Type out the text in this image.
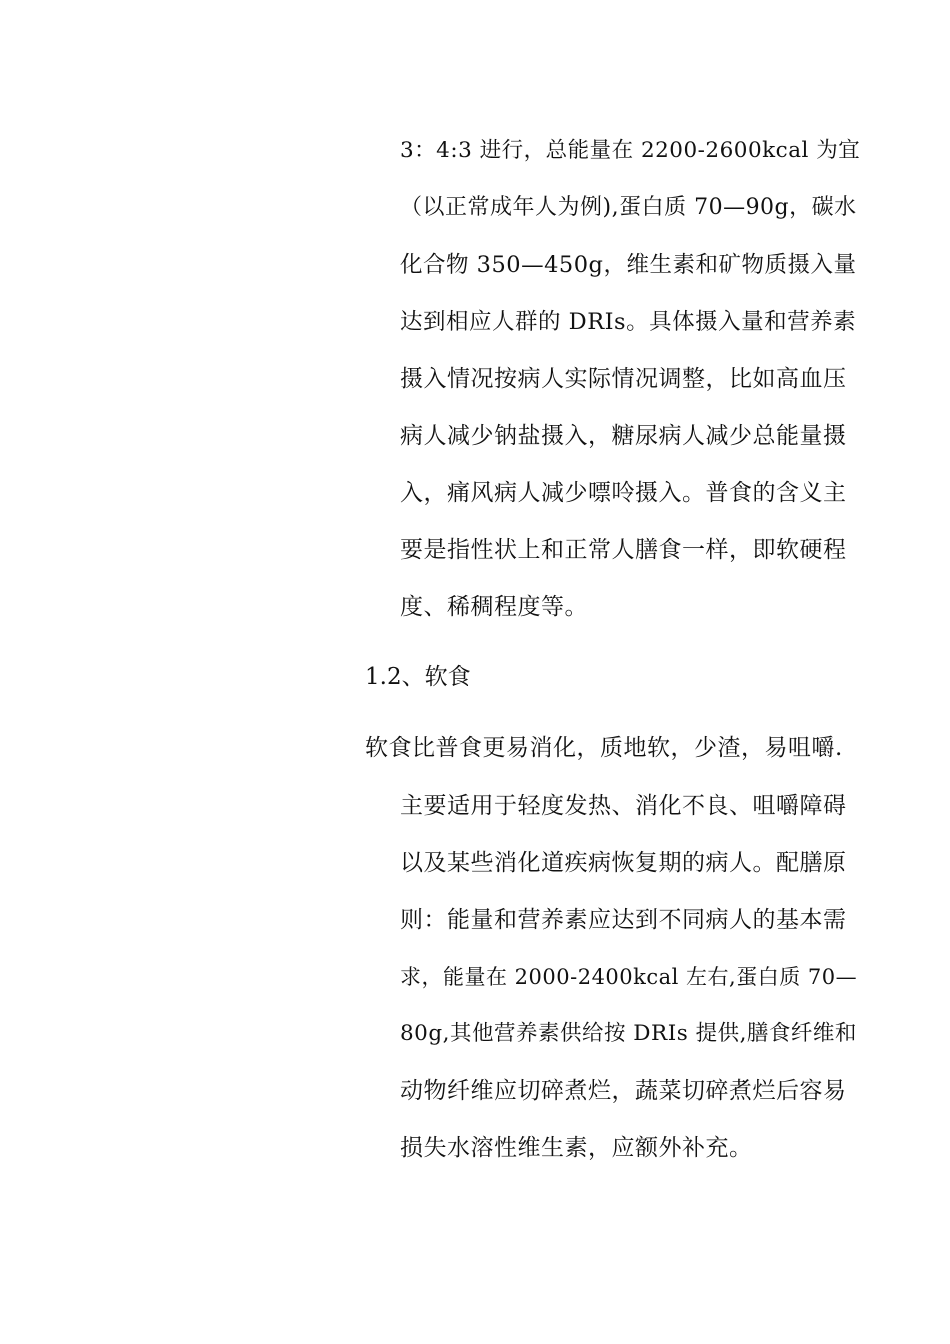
3：4:3 进行，总能量在 2200-2600kcal 为宜
（以正常成年人为例),蛋白质 70—90g，碳水
化合物 350—450g，维生素和矿物质摄入量
达到相应人群的 DRIs。具体摄入量和营养素
摄入情况按病人实际情况调整，比如高血压
病人减少钠盐摄入，糖尿病人减少总能量摄
入，痛风病人减少嘌呤摄入。普食的含义主
要是指性状上和正常人膳食一样，即软硬程
度、稀稠程度等。
1.2、软食
软食比普食更易消化，质地软，少渣，易咀嚼.
主要适用于轻度发热、消化不良、咀嚼障碍
以及某些消化道疾病恢复期的病人。配膳原
则：能量和营养素应达到不同病人的基本需
求，能量在 2000-2400kcal 左右,蛋白质 70—
80g,其他营养素供给按 DRIs 提供,膳食纤维和
动物纤维应切碎煮烂，蔬菜切碎煮烂后容易
损失水溶性维生素，应额外补充。
